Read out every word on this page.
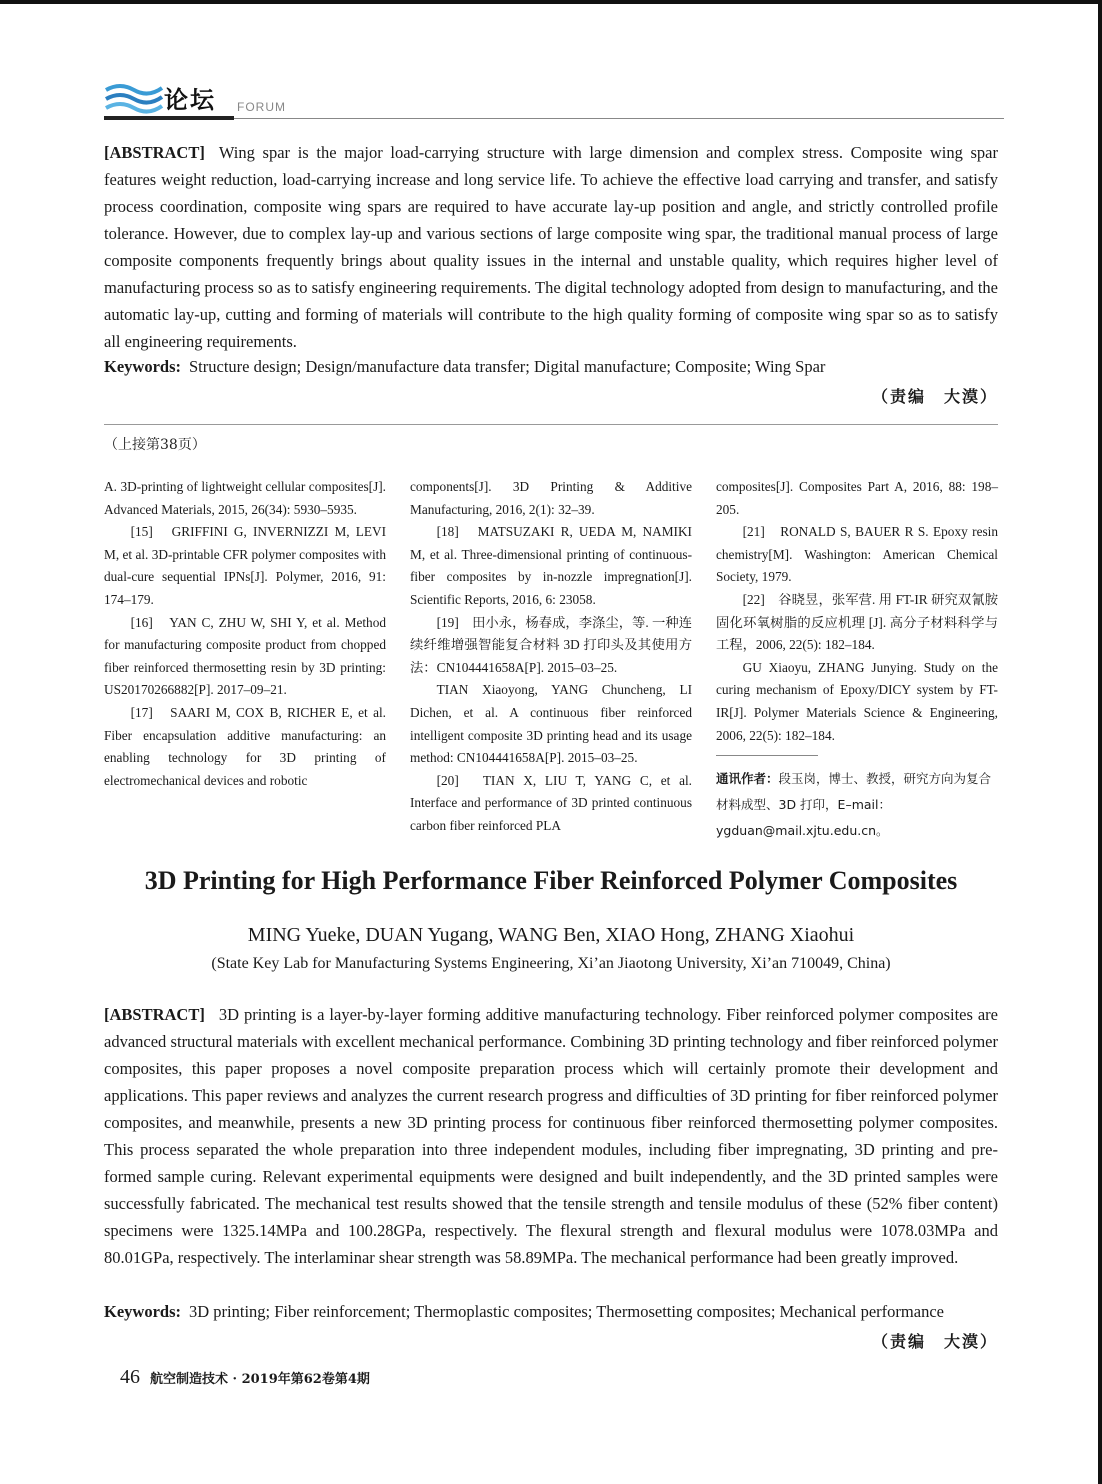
论坛 FORUM
[ABSTRACT] Wing spar is the major load-carrying structure with large dimension and complex stress. Composite wing spar features weight reduction, load-carrying increase and long service life. To achieve the effective load carrying and transfer, and satisfy process coordination, composite wing spars are required to have accurate lay-up position and angle, and strictly controlled profile tolerance. However, due to complex lay-up and various sections of large composite wing spar, the traditional manual process of large composite components frequently brings about quality issues in the internal and unstable quality, which requires higher level of manufacturing process so as to satisfy engineering requirements. The digital technology adopted from design to manufacturing, and the automatic lay-up, cutting and forming of materials will contribute to the high quality forming of composite wing spar so as to satisfy all engineering requirements.
Keywords: Structure design; Design/manufacture data transfer; Digital manufacture; Composite; Wing Spar
（责编　大漠）
（上接第38页）

A. 3D-printing of lightweight cellular composites[J]. Advanced Materials, 2015, 26(34): 5930–5935.

[15]　GRIFFINI G, INVERNIZZI M, LEVI M, et al. 3D-printable CFR polymer composites with dual-cure sequential IPNs[J]. Polymer, 2016, 91: 174–179.

[16]　YAN C, ZHU W, SHI Y, et al. Method for manufacturing composite product from chopped fiber reinforced thermosetting resin by 3D printing: US20170266882[P]. 2017–09–21.

[17]　SAARI M, COX B, RICHER E, et al. Fiber encapsulation additive manufacturing: an enabling technology for 3D printing of electromechanical devices and robotic

components[J]. 3D Printing & Additive Manufacturing, 2016, 2(1): 32–39.

[18]　MATSUZAKI R, UEDA M, NAMIKI M, et al. Three-dimensional printing of continuous-fiber composites by in-nozzle impregnation[J]. Scientific Reports, 2016, 6: 23058.

[19]　田小永，杨春成，李涤尘，等. 一种连续纤维增强智能复合材料 3D 打印头及其使用方法：CN104441658A[P]. 2015–03–25.

TIAN Xiaoyong, YANG Chuncheng, LI Dichen, et al. A continuous fiber reinforced intelligent composite 3D printing head and its usage method: CN104441658A[P]. 2015–03–25.

[20]　TIAN X, LIU T, YANG C, et al. Interface and performance of 3D printed continuous carbon fiber reinforced PLA

composites[J]. Composites Part A, 2016, 88: 198–205.

[21]　RONALD S, BAUER R S. Epoxy resin chemistry[M]. Washington: American Chemical Society, 1979.

[22]　谷晓昱，张军营. 用 FT-IR 研究双氰胺固化环氧树脂的反应机理 [J]. 高分子材料科学与工程，2006, 22(5): 182–184.

GU Xiaoyu, ZHANG Junying. Study on the curing mechanism of Epoxy/DICY system by FT-IR[J]. Polymer Materials Science & Engineering, 2006, 22(5): 182–184.

通讯作者：段玉岗，博士、教授，研究方向为复合材料成型、3D 打印，E–mail：ygduan@mail.xjtu.edu.cn。

3D Printing for High Performance Fiber Reinforced Polymer Composites
MING Yueke, DUAN Yugang, WANG Ben, XIAO Hong, ZHANG Xiaohui
(State Key Lab for Manufacturing Systems Engineering, Xi’an Jiaotong University, Xi’an 710049, China)
[ABSTRACT] 3D printing is a layer-by-layer forming additive manufacturing technology. Fiber reinforced polymer composites are advanced structural materials with excellent mechanical performance. Combining 3D printing technology and fiber reinforced polymer composites, this paper proposes a novel composite preparation process which will certainly promote their development and applications. This paper reviews and analyzes the current research progress and difficulties of 3D printing for fiber reinforced polymer composites, and meanwhile, presents a new 3D printing process for continuous fiber reinforced thermosetting polymer composites. This process separated the whole preparation into three independent modules, including fiber impregnating, 3D printing and pre-formed sample curing. Relevant experimental equipments were designed and built independently, and the 3D printed samples were successfully fabricated. The mechanical test results showed that the tensile strength and tensile modulus of these (52% fiber content) specimens were 1325.14MPa and 100.28GPa, respectively. The flexural strength and flexural modulus were 1078.03MPa and 80.01GPa, respectively. The interlaminar shear strength was 58.89MPa. The mechanical performance had been greatly improved.
Keywords: 3D printing; Fiber reinforcement; Thermoplastic composites; Thermosetting composites; Mechanical performance
（责编　大漠）
46 航空制造技术 · 2019年第62卷第4期
